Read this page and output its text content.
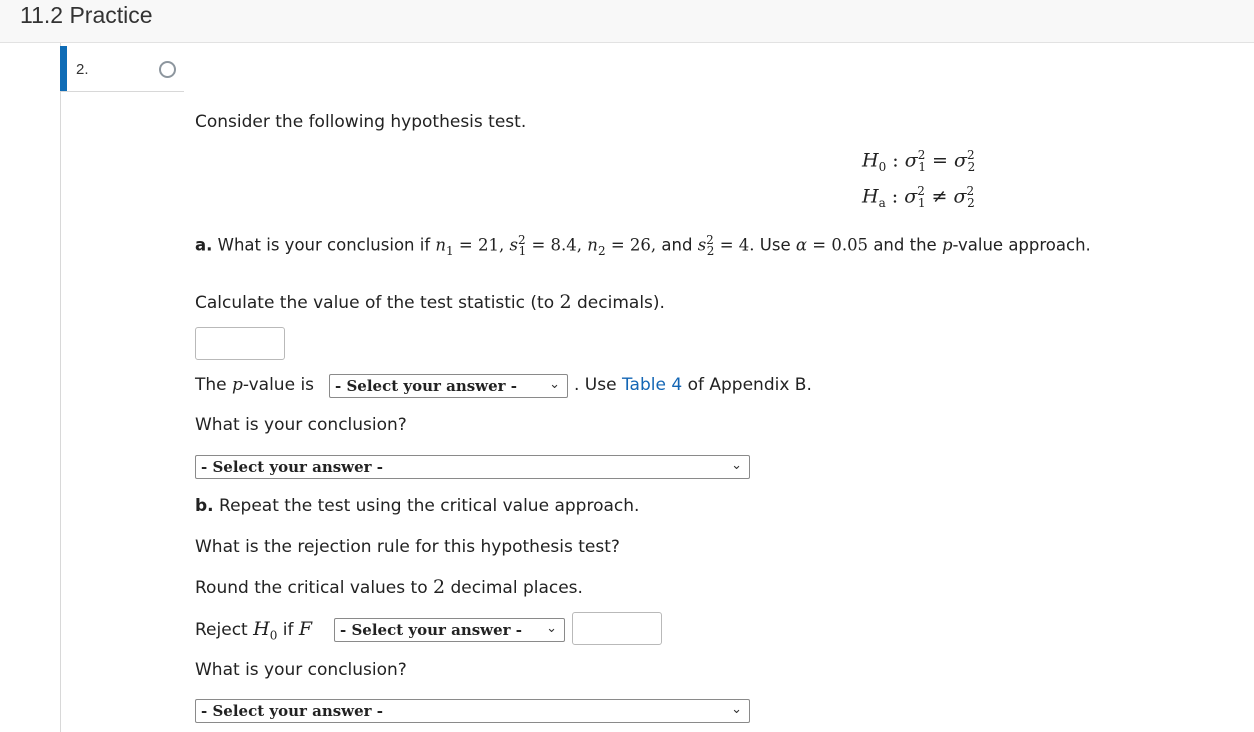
11.2 Practice
2.
Consider the following hypothesis test.
$H_0$ : $\sigma^2_1 = \sigma^2_2$
$H_a$ : $\sigma^2_1 \ne \sigma^2_2$
a. What is your conclusion if $n_1 = 21$, $s^2_1 = 8.4$, $n_2 = 26$, and $s^2_2 = 4$. Use α = 0.05 and the p-value approach.
Calculate the value of the test statistic (to 2 decimals).
The p-value is - Select your answer - ⌄ . Use Table 4 of Appendix B.
What is your conclusion?
- Select your answer -	⌄
b. Repeat the test using the critical value approach.
What is the rejection rule for this hypothesis test?
Round the critical values to 2 decimal places.
Reject $H_0$ if F - Select your answer - ⌄
What is your conclusion?
- Select your answer -	⌄
